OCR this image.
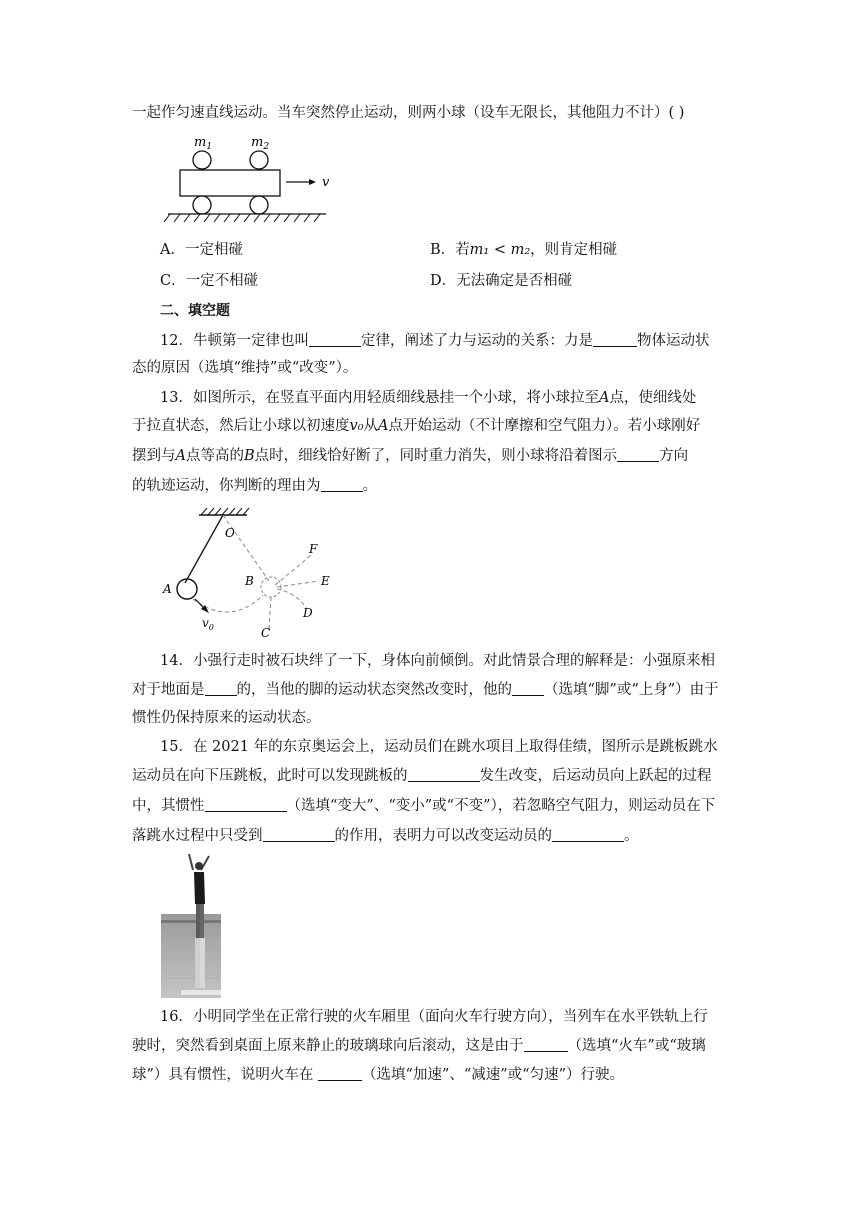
一起作匀速直线运动。当车突然停止运动，则两小球（设车无限长，其他阻力不计）( )
$m_1$	$m_2$
v
A．一定相碰	B．若m₁ < m₂，则肯定相碰
C．一定不相碰	D．无法确定是否相碰
二、填空题
12．牛顿第一定律也叫	定律，阐述了力与运动的关系：力是	物体运动状
态的原因（选填“维持”或“改变”）。
13．如图所示，在竖直平面内用轻质细线悬挂一个小球，将小球拉至A点，使细线处
于拉直状态，然后让小球以初速度v₀从A点开始运动（不计摩擦和空气阻力）。若小球刚好
摆到与A点等高的B点时，细线恰好断了，同时重力消失，则小球将沿着图示	方向
的轨迹运动，你判断的理由为	。
O
A
B
F
E
D
C
$v_0$
14．小强行走时被石块绊了一下，身体向前倾倒。对此情景合理的解释是：小强原来相
对于地面是 的，当他的脚的运动状态突然改变时，他的 （选填“脚”或“上身”）由于
惯性仍保持原来的运动状态。
15．在 2021 年的东京奥运会上，运动员们在跳水项目上取得佳绩，图所示是跳板跳水
运动员在向下压跳板，此时可以发现跳板的	发生改变，后运动员向上跃起的过程
中，其惯性	（选填“变大”、“变小”或“不变”），若忽略空气阻力，则运动员在下
落跳水过程中只受到	的作用，表明力可以改变运动员的	。
16．小明同学坐在正常行驶的火车厢里（面向火车行驶方向），当列车在水平铁轨上行
驶时，突然看到桌面上原来静止的玻璃球向后滚动，这是由于	（选填“火车”或“玻璃
球”）具有惯性，说明火车在	（选填“加速”、“减速”或“匀速”）行驶。
